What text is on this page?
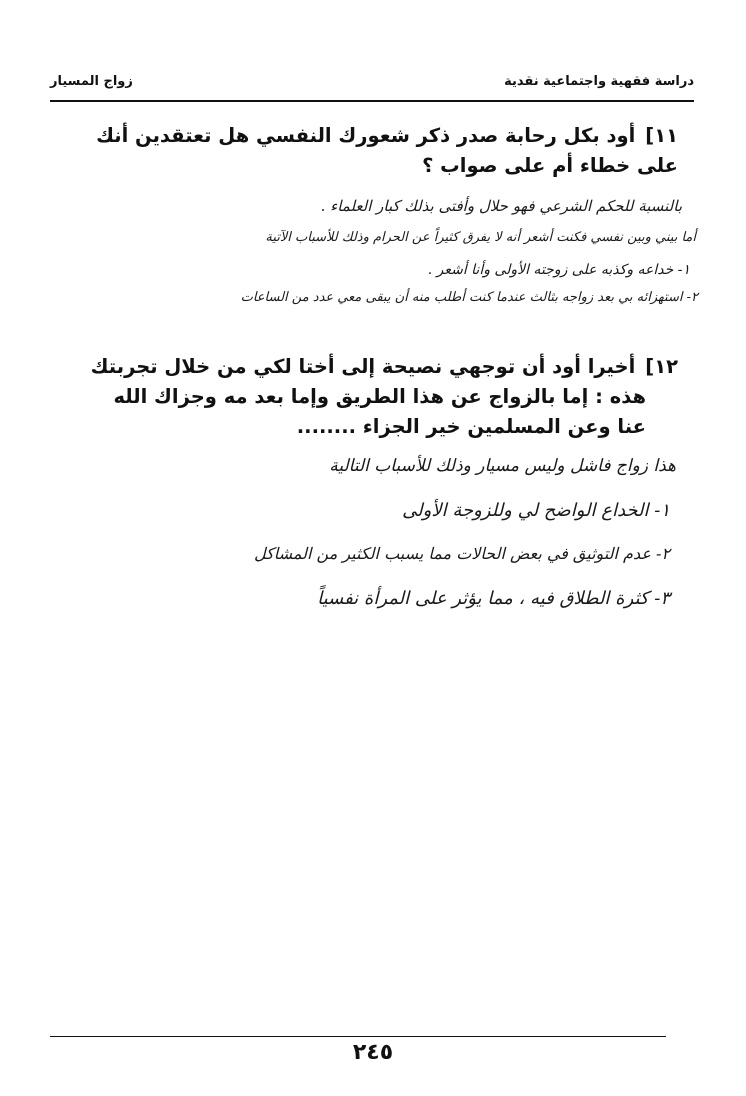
دراسة فقهية واجتماعية نقدية
زواج المسيار
١١]أود بكل رحابة صدر ذكر شعورك النفسي هل تعتقدين أنك
على خطاء أم على صواب ؟
بالنسبة للحكم الشرعي فهو حلال وأفتى بذلك كبار العلماء .
أما بيني وبين نفسي فكنت أشعر أنه لا يفرق كثيراً عن الحرام وذلك للأسباب الآتية
١- خداعه وكذبه على زوجته الأولى وأنا أشعر .
٢- استهزائه بي بعد زواجه بثالث عندما كنت أطلب منه أن يبقى معي عدد من الساعات
١٢]أخيرا أود أن توجهي نصيحة إلى أختا لكي من خلال تجربتك
هذه : إما بالزواج عن هذا الطريق وإما بعد مه وجزاك الله
عنا وعن المسلمين خير الجزاء ........
هذا زواج فاشل وليس مسيار وذلك للأسباب التالية
١- الخداع الواضح لي وللزوجة الأولى
٢- عدم التوثيق في بعض الحالات مما يسبب الكثير من المشاكل
٣- كثرة الطلاق فيه ، مما يؤثر على المرأة نفسياً
٢٤٥
